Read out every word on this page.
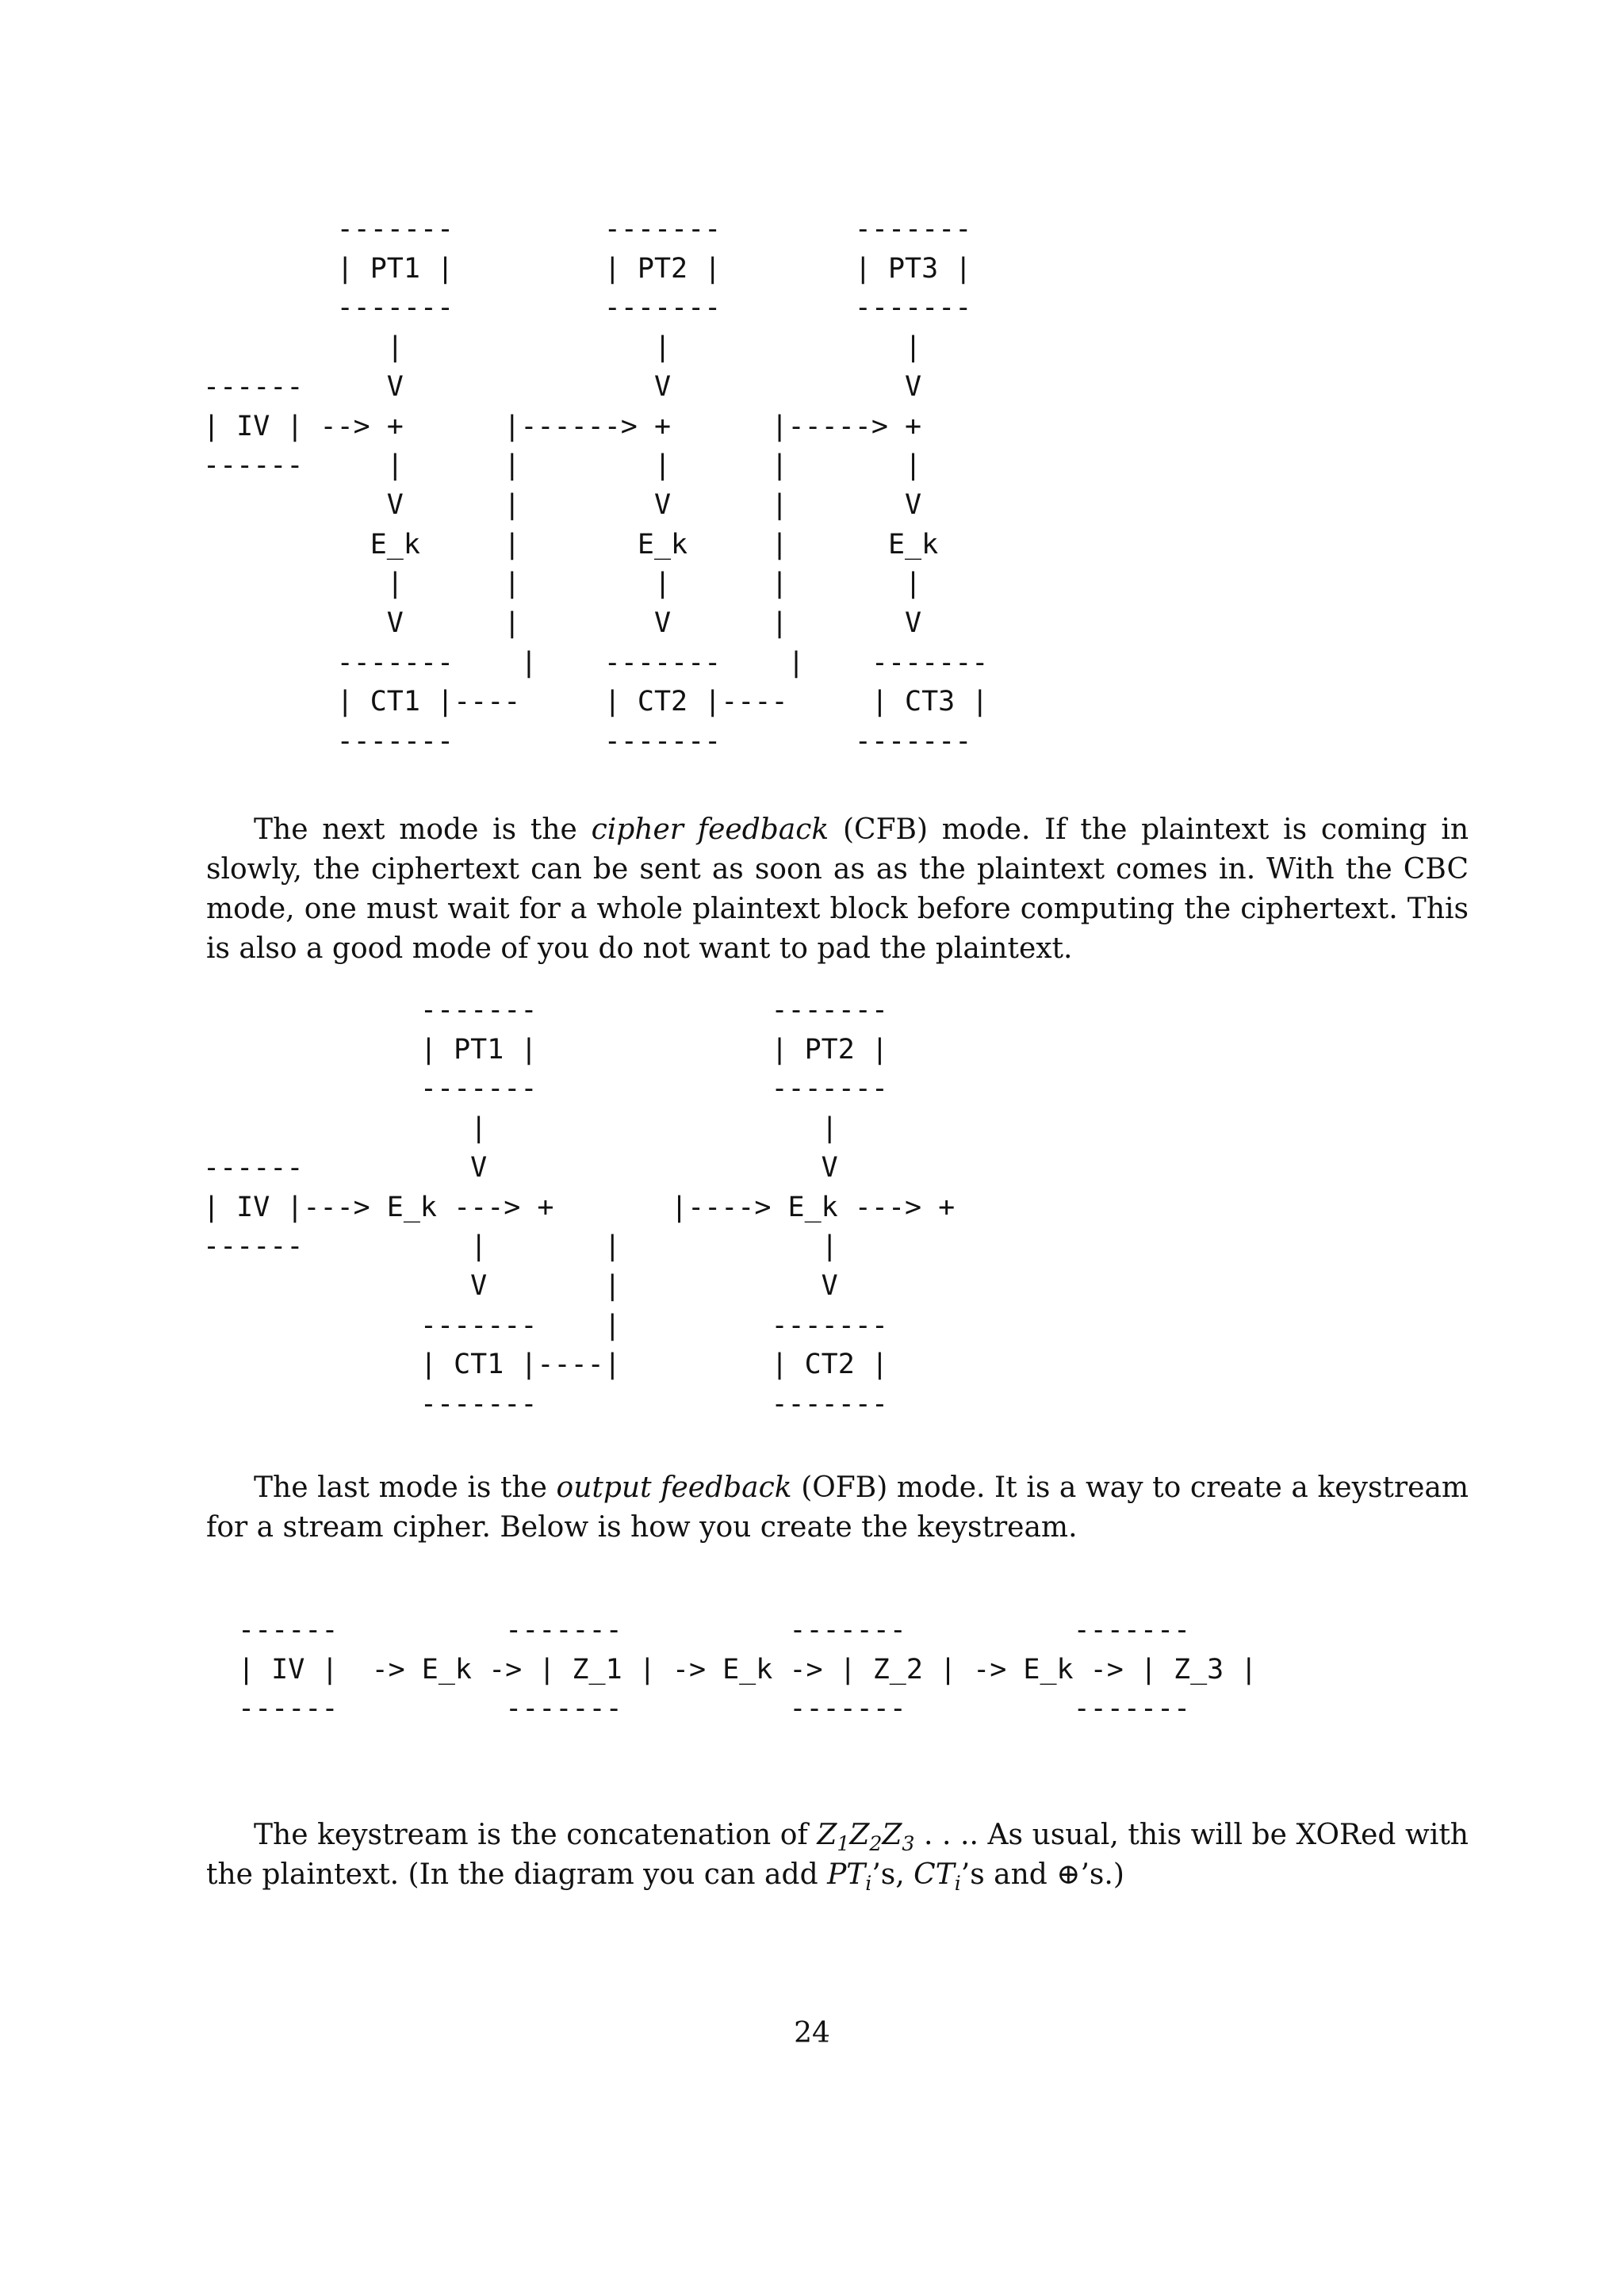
-------         -------        -------
| PT1 |         | PT2 |        | PT3 |
-------         -------        -------
|               |              |
------     V               V              V
| IV | --> +      |------> +      |-----> +
------     |      |        |      |       |
V      |        V      |       V
E_k     |       E_k     |      E_k
|      |        |      |       |
V      |        V      |       V
-------    |    -------    |    -------
| CT1 |----     | CT2 |----     | CT3 |
-------         -------        -------

The next mode is the cipher feedback (CFB) mode. If the plaintext is coming in slowly, the ciphertext can be sent as soon as as the plaintext comes in. With the CBC mode, one must wait for a whole plaintext block before computing the ciphertext. This is also a good mode of you do not want to pad the plaintext.

-------              -------
| PT1 |              | PT2 |
-------              -------
|                    |
------          V                    V
| IV |---> E_k ---> +       |----> E_k ---> +
------          |       |            |
V       |            V
-------    |         -------
| CT1 |----|         | CT2 |
-------              -------

The last mode is the output feedback (OFB) mode. It is a way to create a keystream for a stream cipher. Below is how you create the keystream.

------          -------          -------          -------
| IV |  -> E_k -> | Z_1 | -> E_k -> | Z_2 | -> E_k -> | Z_3 |
------          -------          -------          -------

The keystream is the concatenation of $Z_1Z_2Z_3$ . . .. As usual, this will be XORed with the plaintext. (In the diagram you can add $PT_i’s$, $CT_i’s$ and ⊕’s.)

24
